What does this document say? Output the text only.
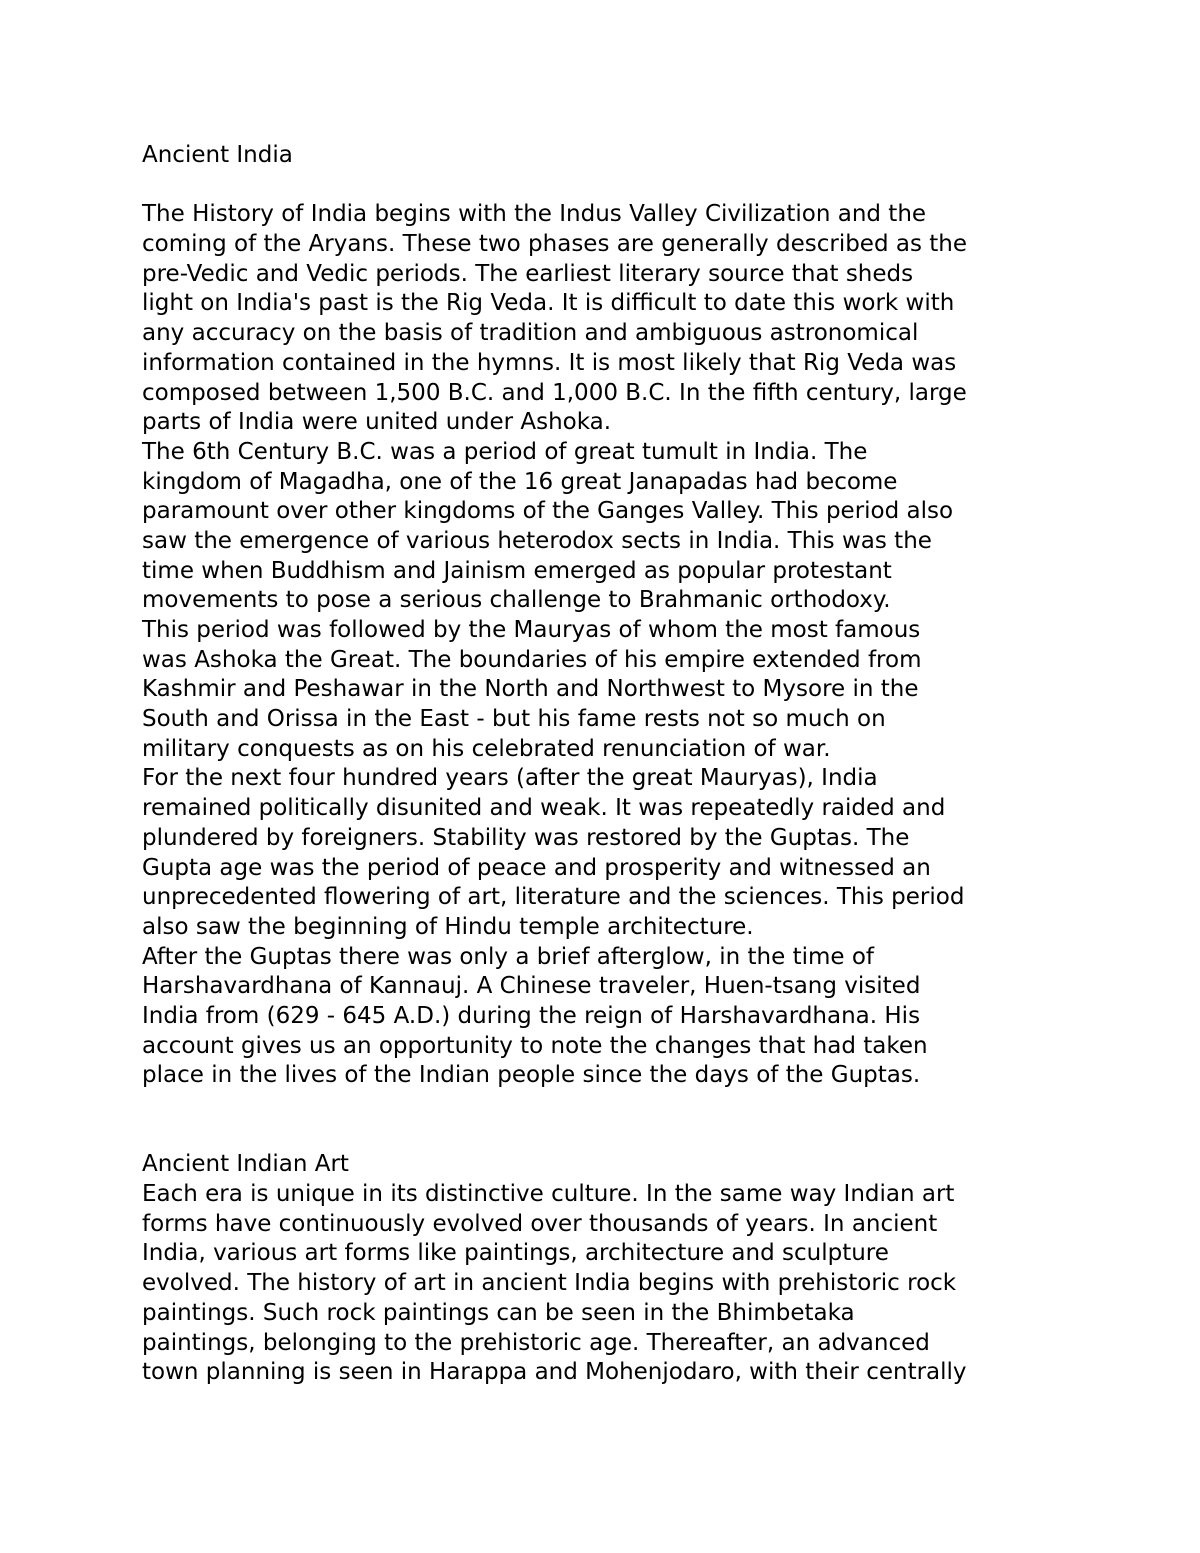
Ancient India
The History of India begins with the Indus Valley Civilization and the
coming of the Aryans. These two phases are generally described as the
pre-Vedic and Vedic periods. The earliest literary source that sheds
light on India's past is the Rig Veda. It is difficult to date this work with
any accuracy on the basis of tradition and ambiguous astronomical
information contained in the hymns. It is most likely that Rig Veda was
composed between 1,500 B.C. and 1,000 B.C. In the fifth century, large
parts of India were united under Ashoka.
The 6th Century B.C. was a period of great tumult in India. The
kingdom of Magadha, one of the 16 great Janapadas had become
paramount over other kingdoms of the Ganges Valley. This period also
saw the emergence of various heterodox sects in India. This was the
time when Buddhism and Jainism emerged as popular protestant
movements to pose a serious challenge to Brahmanic orthodoxy.
This period was followed by the Mauryas of whom the most famous
was Ashoka the Great. The boundaries of his empire extended from
Kashmir and Peshawar in the North and Northwest to Mysore in the
South and Orissa in the East - but his fame rests not so much on
military conquests as on his celebrated renunciation of war.
For the next four hundred years (after the great Mauryas), India
remained politically disunited and weak. It was repeatedly raided and
plundered by foreigners. Stability was restored by the Guptas. The
Gupta age was the period of peace and prosperity and witnessed an
unprecedented flowering of art, literature and the sciences. This period
also saw the beginning of Hindu temple architecture.
After the Guptas there was only a brief afterglow, in the time of
Harshavardhana of Kannauj. A Chinese traveler, Huen-tsang visited
India from (629 - 645 A.D.) during the reign of Harshavardhana. His
account gives us an opportunity to note the changes that had taken
place in the lives of the Indian people since the days of the Guptas.
Ancient Indian Art
Each era is unique in its distinctive culture. In the same way Indian art
forms have continuously evolved over thousands of years. In ancient
India, various art forms like paintings, architecture and sculpture
evolved. The history of art in ancient India begins with prehistoric rock
paintings. Such rock paintings can be seen in the Bhimbetaka
paintings, belonging to the prehistoric age. Thereafter, an advanced
town planning is seen in Harappa and Mohenjodaro, with their centrally
